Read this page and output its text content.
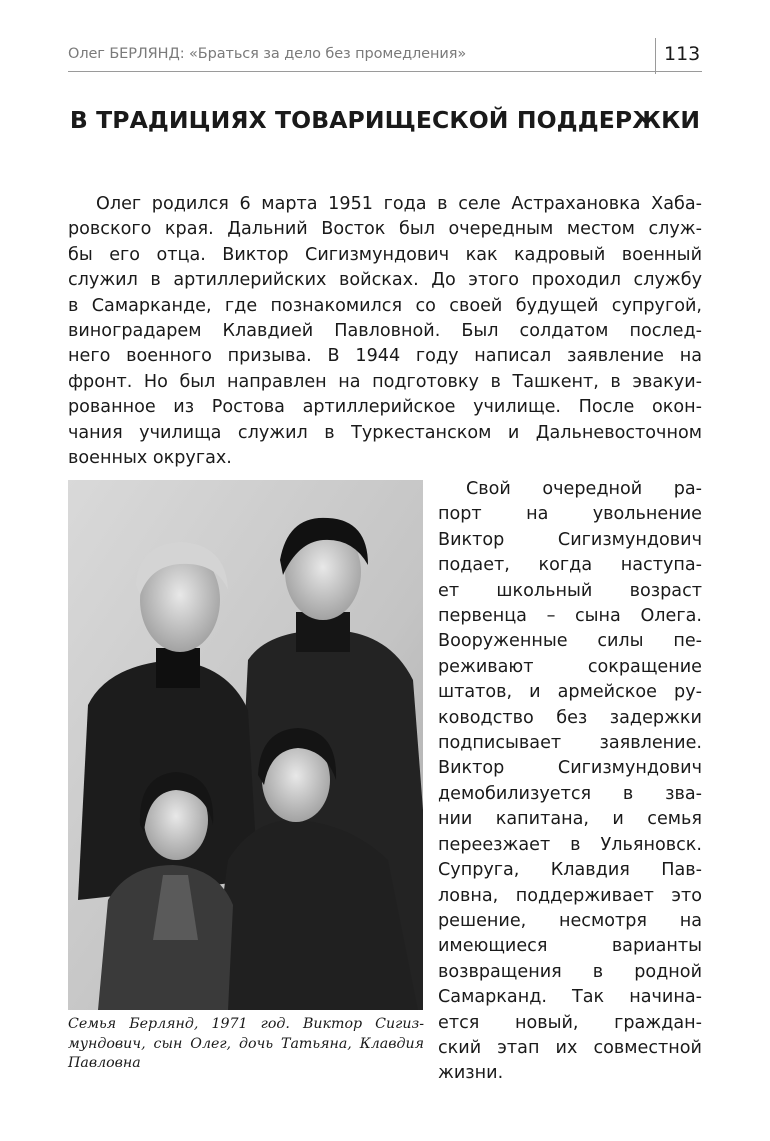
Олег БЕРЛЯНД: «Браться за дело без промедления»	113
В ТРАДИЦИЯХ ТОВАРИЩЕСКОЙ ПОДДЕРЖКИ
Олег родился 6 марта 1951 года в селе Астрахановка Хаба-
ровского края. Дальний Восток был очередным местом служ-
бы его отца. Виктор Сигизмундович как кадровый военный
служил в артиллерийских войсках. До этого проходил службу
в Самарканде, где познакомился со своей будущей супругой,
виноградарем Клавдией Павловной. Был солдатом послед-
него военного призыва. В 1944 году написал заявление на
фронт. Но был направлен на подготовку в Ташкент, в эвакуи-
рованное из Ростова артиллерийское училище. После окон-
чания училища служил в Туркестанском и Дальневосточном
военных округах.
Семья Берлянд, 1971 год. Виктор Сигиз-
мундович, сын Олег, дочь Татьяна, Клавдия
Павловна
Свой очередной ра-
порт на увольнение
Виктор Сигизмундович
подает, когда наступа-
ет школьный возраст
первенца – сына Олега.
Вооруженные силы пе-
реживают сокращение
штатов, и армейское ру-
ководство без задержки
подписывает заявление.
Виктор Сигизмундович
демобилизуется в зва-
нии капитана, и семья
переезжает в Ульяновск.
Супруга, Клавдия Пав-
ловна, поддерживает это
решение, несмотря на
имеющиеся варианты
возвращения в родной
Самарканд. Так начина-
ется новый, граждан-
ский этап их совместной
жизни.
